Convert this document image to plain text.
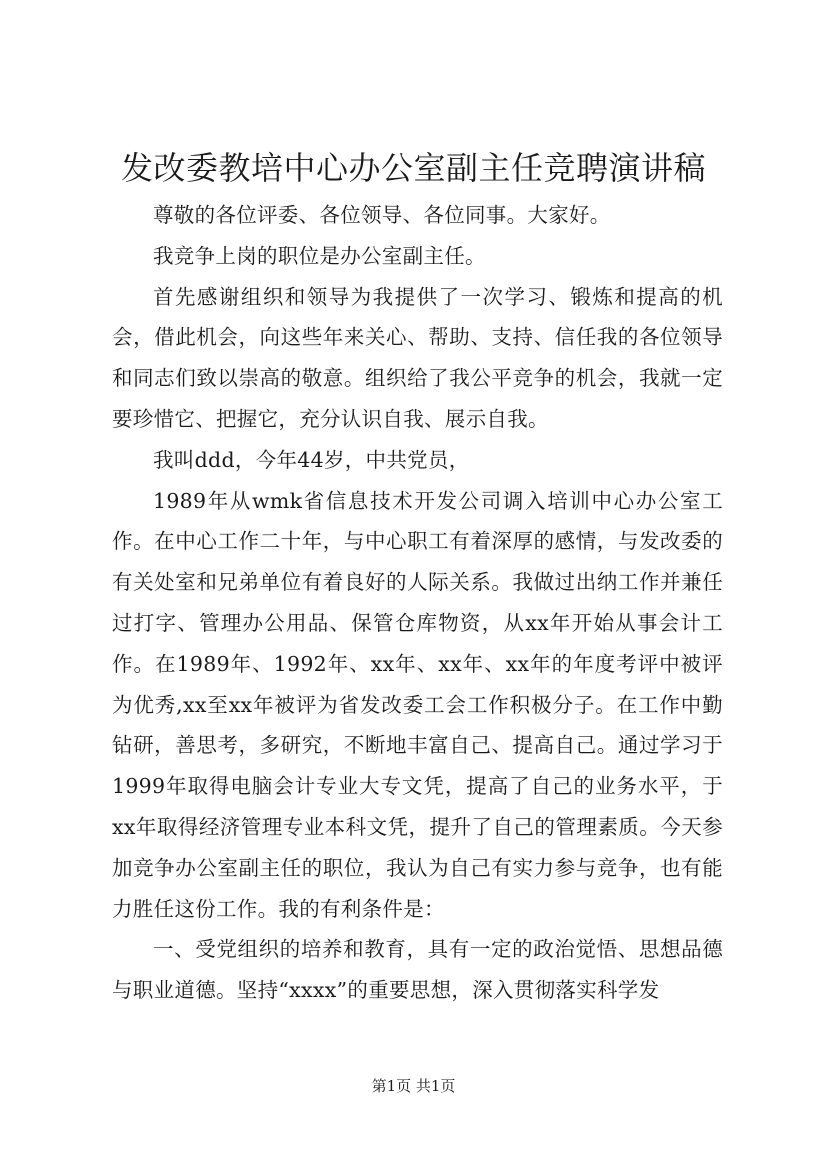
发改委教培中心办公室副主任竞聘演讲稿

尊敬的各位评委、各位领导、各位同事。大家好。

我竞争上岗的职位是办公室副主任。

首先感谢组织和领导为我提供了一次学习、锻炼和提高的机会，借此机会，向这些年来关心、帮助、支持、信任我的各位领导和同志们致以崇高的敬意。组织给了我公平竞争的机会，我就一定要珍惜它、把握它，充分认识自我、展示自我。

我叫ddd，今年44岁，中共党员，

1989年从wmk省信息技术开发公司调入培训中心办公室工作。在中心工作二十年，与中心职工有着深厚的感情，与发改委的有关处室和兄弟单位有着良好的人际关系。我做过出纳工作并兼任过打字、管理办公用品、保管仓库物资，从xx年开始从事会计工作。在1989年、1992年、xx年、xx年、xx年的年度考评中被评为优秀,xx至xx年被评为省发改委工会工作积极分子。在工作中勤钻研，善思考，多研究，不断地丰富自己、提高自己。通过学习于1999年取得电脑会计专业大专文凭，提高了自己的业务水平，于xx年取得经济管理专业本科文凭，提升了自己的管理素质。今天参加竞争办公室副主任的职位，我认为自己有实力参与竞争，也有能力胜任这份工作。我的有利条件是：

一、受党组织的培养和教育，具有一定的政治觉悟、思想品德与职业道德。坚持“xxxx”的重要思想，深入贯彻落实科学发

第1页 共1页
